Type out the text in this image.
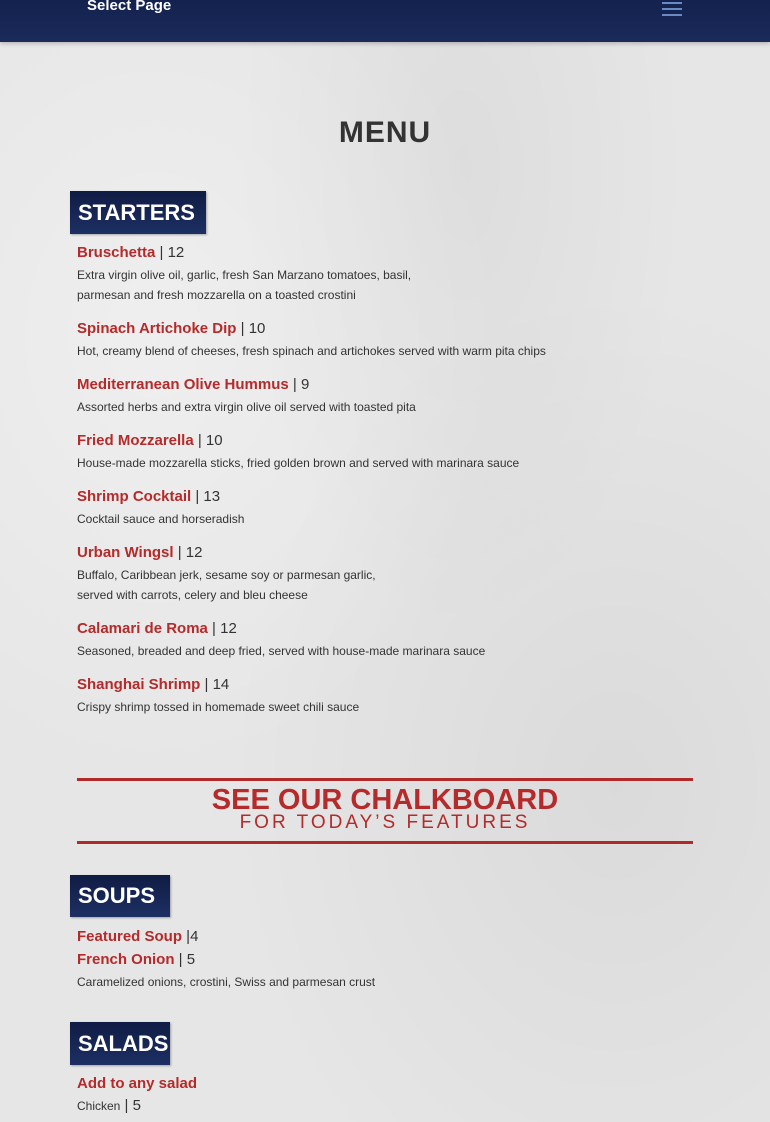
Select Page
MENU
STARTERS
Bruschetta | 12
Extra virgin olive oil, garlic, fresh San Marzano tomatoes, basil,
parmesan and fresh mozzarella on a toasted crostini
Spinach Artichoke Dip | 10
Hot, creamy blend of cheeses, fresh spinach and artichokes served with warm pita chips
Mediterranean Olive Hummus | 9
Assorted herbs and extra virgin olive oil served with toasted pita
Fried Mozzarella | 10
House-made mozzarella sticks, fried golden brown and served with marinara sauce
Shrimp Cocktail | 13
Cocktail sauce and horseradish
Urban Wingsl | 12
Buffalo, Caribbean jerk, sesame soy or parmesan garlic,
served with carrots, celery and bleu cheese
Calamari de Roma | 12
Seasoned, breaded and deep fried, served with house-made marinara sauce
Shanghai Shrimp | 14
Crispy shrimp tossed in homemade sweet chili sauce
SEE OUR CHALKBOARD
FOR TODAY’S FEATURES
SOUPS
Featured Soup |4
French Onion | 5
Caramelized onions, crostini, Swiss and parmesan crust
SALADS
Add to any salad
Chicken | 5
